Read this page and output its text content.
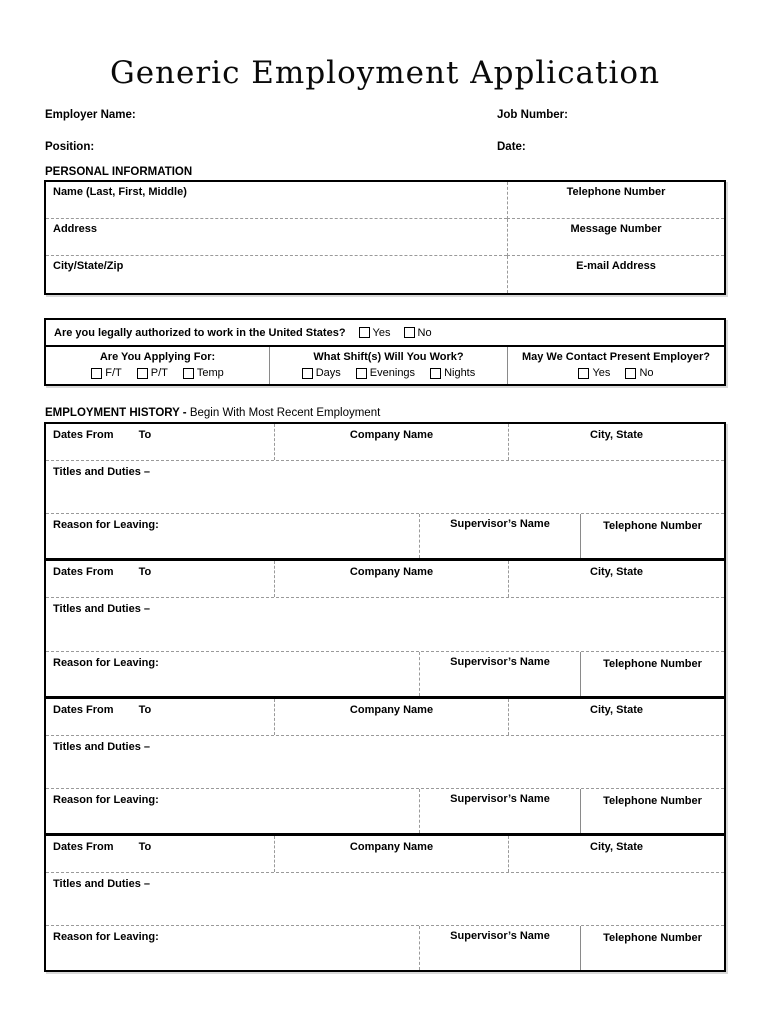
Generic Employment Application
Employer Name:	Job Number:
Position:	Date:
PERSONAL INFORMATION
Name (Last, First, Middle)	Telephone Number
Address	Message Number
City/State/Zip	E-mail Address
Are you legally authorized to work in the United States? Yes No
Are You Applying For:
F/T	P/T	Temp
What Shift(s) Will You Work?
Days	Evenings	Nights
May We Contact Present Employer?
Yes	No
EMPLOYMENT HISTORY - Begin With Most Recent Employment
Dates From To	Company Name	City, State
Titles and Duties –
Reason for Leaving:	Supervisor’s Name	Telephone Number
Dates From To	Company Name	City, State
Titles and Duties –
Reason for Leaving:	Supervisor’s Name	Telephone Number
Dates From To	Company Name	City, State
Titles and Duties –
Reason for Leaving:	Supervisor’s Name	Telephone Number
Dates From To	Company Name	City, State
Titles and Duties –
Reason for Leaving:	Supervisor’s Name	Telephone Number
